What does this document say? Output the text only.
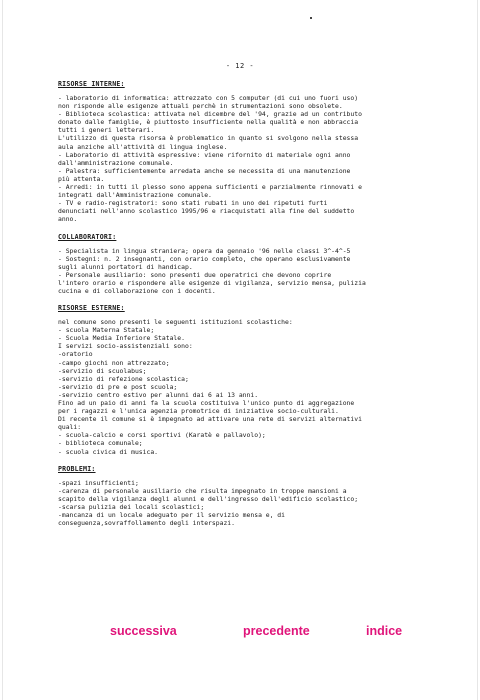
- 12 -
RISORSE INTERNE:
- laboratorio di informatica: attrezzato con 5 computer (di cui uno fuori uso)
non risponde alle esigenze attuali perchè in strumentazioni sono obsolete.
- Biblioteca scolastica: attivata nel dicembre del '94, grazie ad un contributo
donato dalle famiglie, è piuttosto insufficiente nella qualità e non abbraccia
tutti i generi letterari.
L'utilizzo di questa risorsa è problematico in quanto si svolgono nella stessa
aula anziche all'attività di lingua inglese.
- Laboratorio di attività espressive: viene rifornito di materiale ogni anno
dall'amministrazione comunale.
- Palestra: sufficientemente arredata anche se necessita di una manutenzione
più attenta.
- Arredi: in tutti il plesso sono appena sufficienti e parzialmente rinnovati e
integrati dall'Amministrazione comunale.
- TV e radio-registratori: sono stati rubati in uno dei ripetuti furti
denunciati nell'anno scolastico 1995/96 e riacquistati alla fine del suddetto
anno.
COLLABORATORI:
- Specialista in lingua straniera; opera da gennaio '96 nelle classi 3^-4^-5
- Sostegni: n. 2 insegnanti, con orario completo, che operano esclusivamente
sugli alunni portatori di handicap.
- Personale ausiliario: sono presenti due operatrici che devono coprire
l'intero orario e rispondere alle esigenze di vigilanza, servizio mensa, pulizia
cucina e di collaborazione con i docenti.
RISORSE ESTERNE:
nel comune sono presenti le seguenti istituzioni scolastiche:
- scuola Materna Statale;
- Scuola Media Inferiore Statale.
I servizi socio-assistenziali sono:
-oratorio
-campo giochi non attrezzato;
-servizio di scuolabus;
-servizio di refezione scolastica;
-servizio di pre e post scuola;
-servizio centro estivo per alunni dai 6 ai 13 anni.
Fino ad un paio di anni fa la scuola costituiva l'unico punto di aggregazione
per i ragazzi e l'unica agenzia promotrice di iniziative socio-culturali.
Di recente il comune si è impegnato ad attivare una rete di servizi alternativi
quali:
- scuola-calcio e corsi sportivi (Karatè e pallavolo);
- biblioteca comunale;
- scuola civica di musica.
PROBLEMI:
-spazi insufficienti;
-carenza di personale ausiliario che risulta impegnato in troppe mansioni a
scapito della vigilanza degli alunni e dell'ingresso dell'edificio scolastico;
-scarsa pulizia dei locali scolastici;
-mancanza di un locale adeguato per il servizio mensa e, di
conseguenza,sovraffollamento degli interspazi.
successiva	precedente	indice
